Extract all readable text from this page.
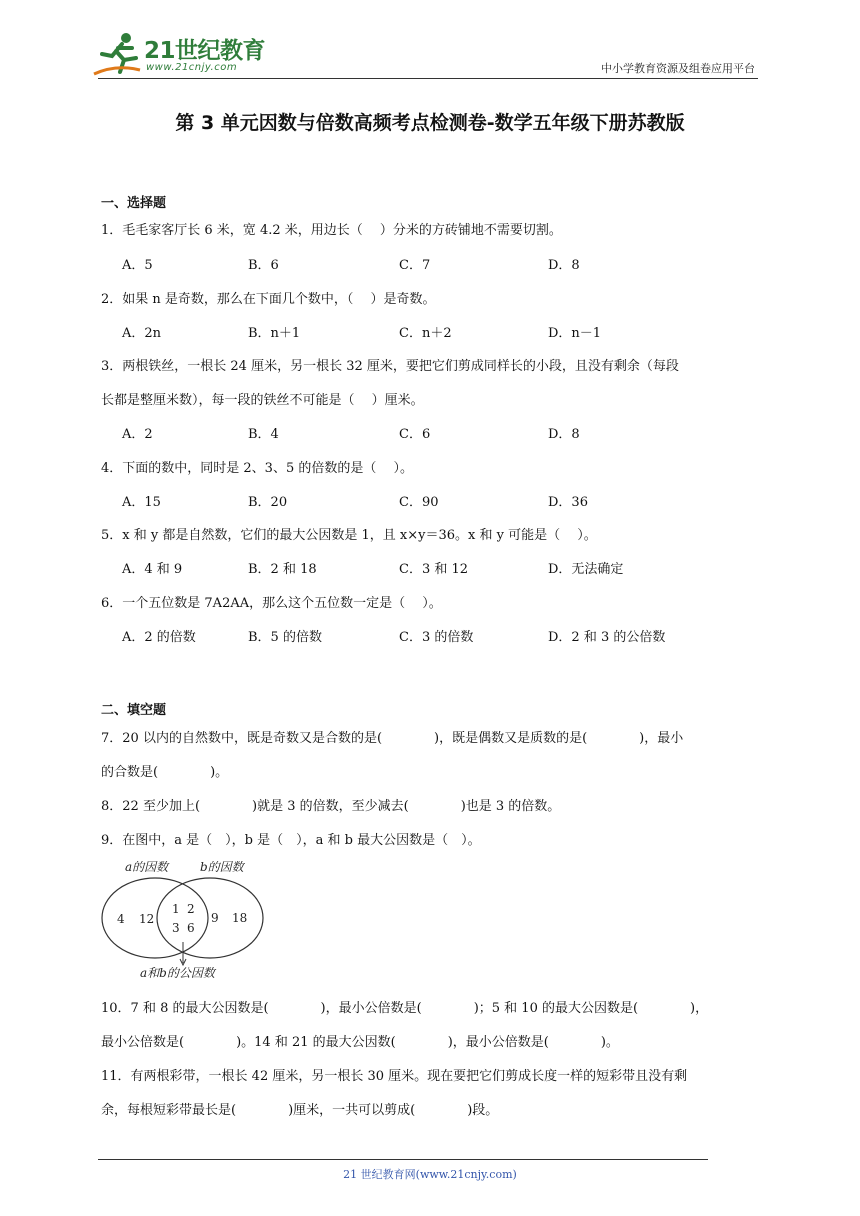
21世纪教育
www.21cnjy.com	中小学教育资源及组卷应用平台
第 3 单元因数与倍数高频考点检测卷-数学五年级下册苏教版
一、选择题
1．毛毛家客厅长 6 米，宽 4.2 米，用边长（　 ）分米的方砖铺地不需要切割。
A．5	B．6	C．7	D．8
2．如果 n 是奇数，那么在下面几个数中，（　 ）是奇数。
A．2n	B．n＋1	C．n＋2	D．n－1
3．两根铁丝，一根长 24 厘米，另一根长 32 厘米，要把它们剪成同样长的小段，且没有剩余（每段
长都是整厘米数），每一段的铁丝不可能是（　 ）厘米。
A．2	B．4	C．6	D．8
4．下面的数中，同时是 2、3、5 的倍数的是（　 ）。
A．15	B．20	C．90	D．36
5．x 和 y 都是自然数，它们的最大公因数是 1，且 x×y＝36。x 和 y 可能是（　 ）。
A．4 和 9	B．2 和 18	C．3 和 12	D．无法确定
6．一个五位数是 7A2AA，那么这个五位数一定是（　 ）。
A．2 的倍数	B．5 的倍数	C．3 的倍数	D．2 和 3 的公倍数
二、填空题
7．20 以内的自然数中，既是奇数又是合数的是(　　　　)，既是偶数又是质数的是(　　　　)，最小
的合数是(　　　　)。
8．22 至少加上(　　　　)就是 3 的倍数，至少减去(　　　　)也是 3 的倍数。
9．在图中，a 是（　），b 是（　），a 和 b 最大公因数是（　）。
a的因数	b的因数
4 12
1 2
3 6
9 18
a和b的公因数
10．7 和 8 的最大公因数是(　　　　)，最小公倍数是(　　　　)；5 和 10 的最大公因数是(　　　　)，
最小公倍数是(　　　　)。14 和 21 的最大公因数(　　　　)，最小公倍数是(　　　　)。
11．有两根彩带，一根长 42 厘米，另一根长 30 厘米。现在要把它们剪成长度一样的短彩带且没有剩
余，每根短彩带最长是(　　　　)厘米，一共可以剪成(　　　　)段。
21 世纪教育网(www.21cnjy.com)
